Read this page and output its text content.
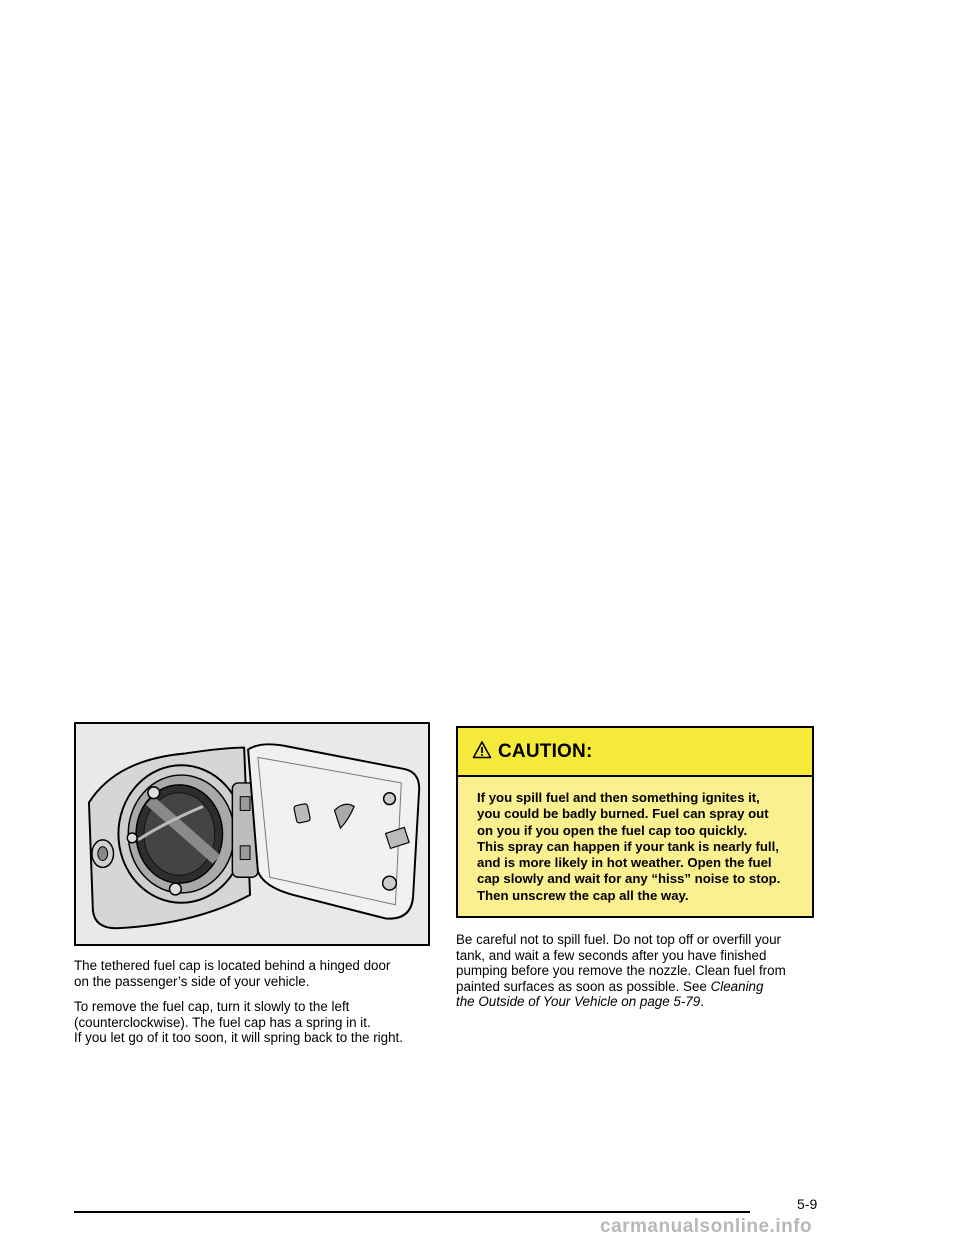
The tethered fuel cap is located behind a hinged door
on the passenger’s side of your vehicle.

To remove the fuel cap, turn it slowly to the left
(counterclockwise). The fuel cap has a spring in it.
If you let go of it too soon, it will spring back to the right.

CAUTION:
If you spill fuel and then something ignites it,
you could be badly burned. Fuel can spray out
on you if you open the fuel cap too quickly.
This spray can happen if your tank is nearly full,
and is more likely in hot weather. Open the fuel
cap slowly and wait for any “hiss” noise to stop.
Then unscrew the cap all the way.

Be careful not to spill fuel. Do not top off or overfill your
tank, and wait a few seconds after you have finished
pumping before you remove the nozzle. Clean fuel from
painted surfaces as soon as possible. See Cleaning
the Outside of Your Vehicle on page 5-79.

5-9
carmanualsonline.info
